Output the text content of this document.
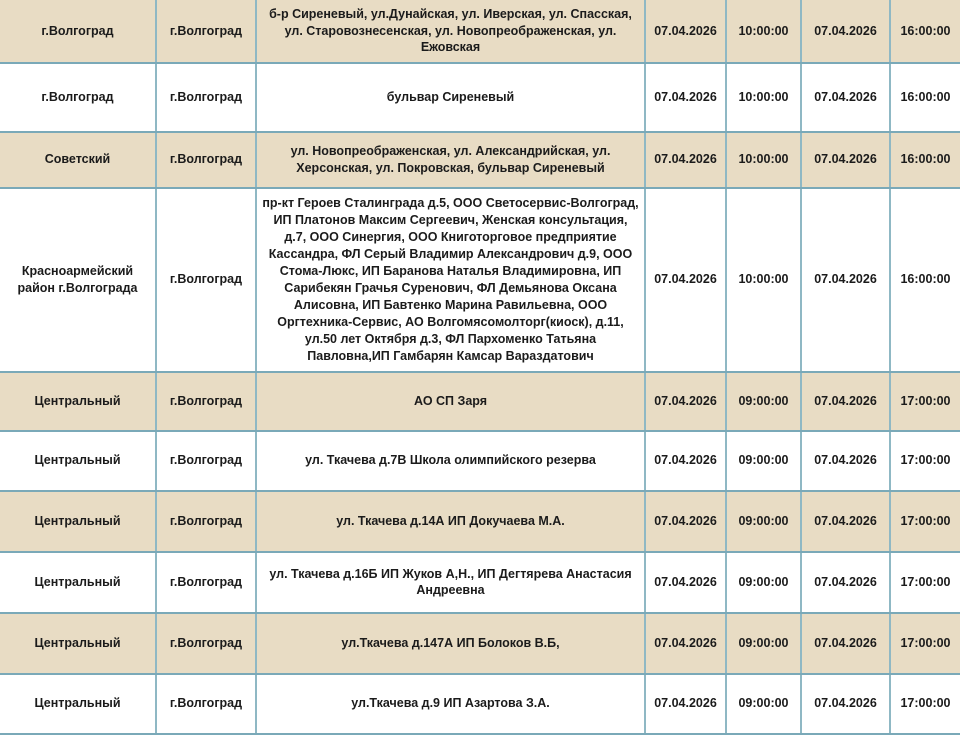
г.Волгоград	г.Волгоград	б-р Сиреневый, ул.Дунайская, ул. Иверская, ул. Спасская, ул. Старовознесенская, ул. Новопреображенская, ул. Ежовская	07.04.2026	10:00:00	07.04.2026	16:00:00
г.Волгоград	г.Волгоград	бульвар Сиреневый	07.04.2026	10:00:00	07.04.2026	16:00:00
Советский	г.Волгоград	ул. Новопреображенская, ул. Александрийская, ул. Херсонская, ул. Покровская, бульвар Сиреневый	07.04.2026	10:00:00	07.04.2026	16:00:00
Красноармейский район г.Волгограда	г.Волгоград	пр-кт Героев Сталинграда д.5, ООО Светосервис-Волгоград, ИП Платонов Максим Сергеевич, Женская консультация, д.7, ООО Синергия, ООО Книготорговое предприятие Кассандра, ФЛ Серый Владимир Александрович д.9, ООО Стома-Люкс, ИП Баранова Наталья Владимировна, ИП Сарибекян Грачья Суренович, ФЛ Демьянова Оксана Алисовна, ИП Бавтенко Марина Равильевна, ООО Оргтехника-Сервис, АО Волгомясомолторг(киоск), д.11, ул.50 лет Октября д.3, ФЛ Пархоменко Татьяна Павловна,ИП Гамбарян Камсар Вараздатович	07.04.2026	10:00:00	07.04.2026	16:00:00
Центральный	г.Волгоград	АО СП Заря	07.04.2026	09:00:00	07.04.2026	17:00:00
Центральный	г.Волгоград	ул. Ткачева д.7В Школа олимпийского резерва	07.04.2026	09:00:00	07.04.2026	17:00:00
Центральный	г.Волгоград	ул. Ткачева д.14А ИП Докучаева М.А.	07.04.2026	09:00:00	07.04.2026	17:00:00
Центральный	г.Волгоград	ул. Ткачева д.16Б ИП Жуков А,Н., ИП Дегтярева Анастасия Андреевна	07.04.2026	09:00:00	07.04.2026	17:00:00
Центральный	г.Волгоград	ул.Ткачева д.147А ИП Болоков В.Б,	07.04.2026	09:00:00	07.04.2026	17:00:00
Центральный	г.Волгоград	ул.Ткачева д.9 ИП Азартова З.А.	07.04.2026	09:00:00	07.04.2026	17:00:00
